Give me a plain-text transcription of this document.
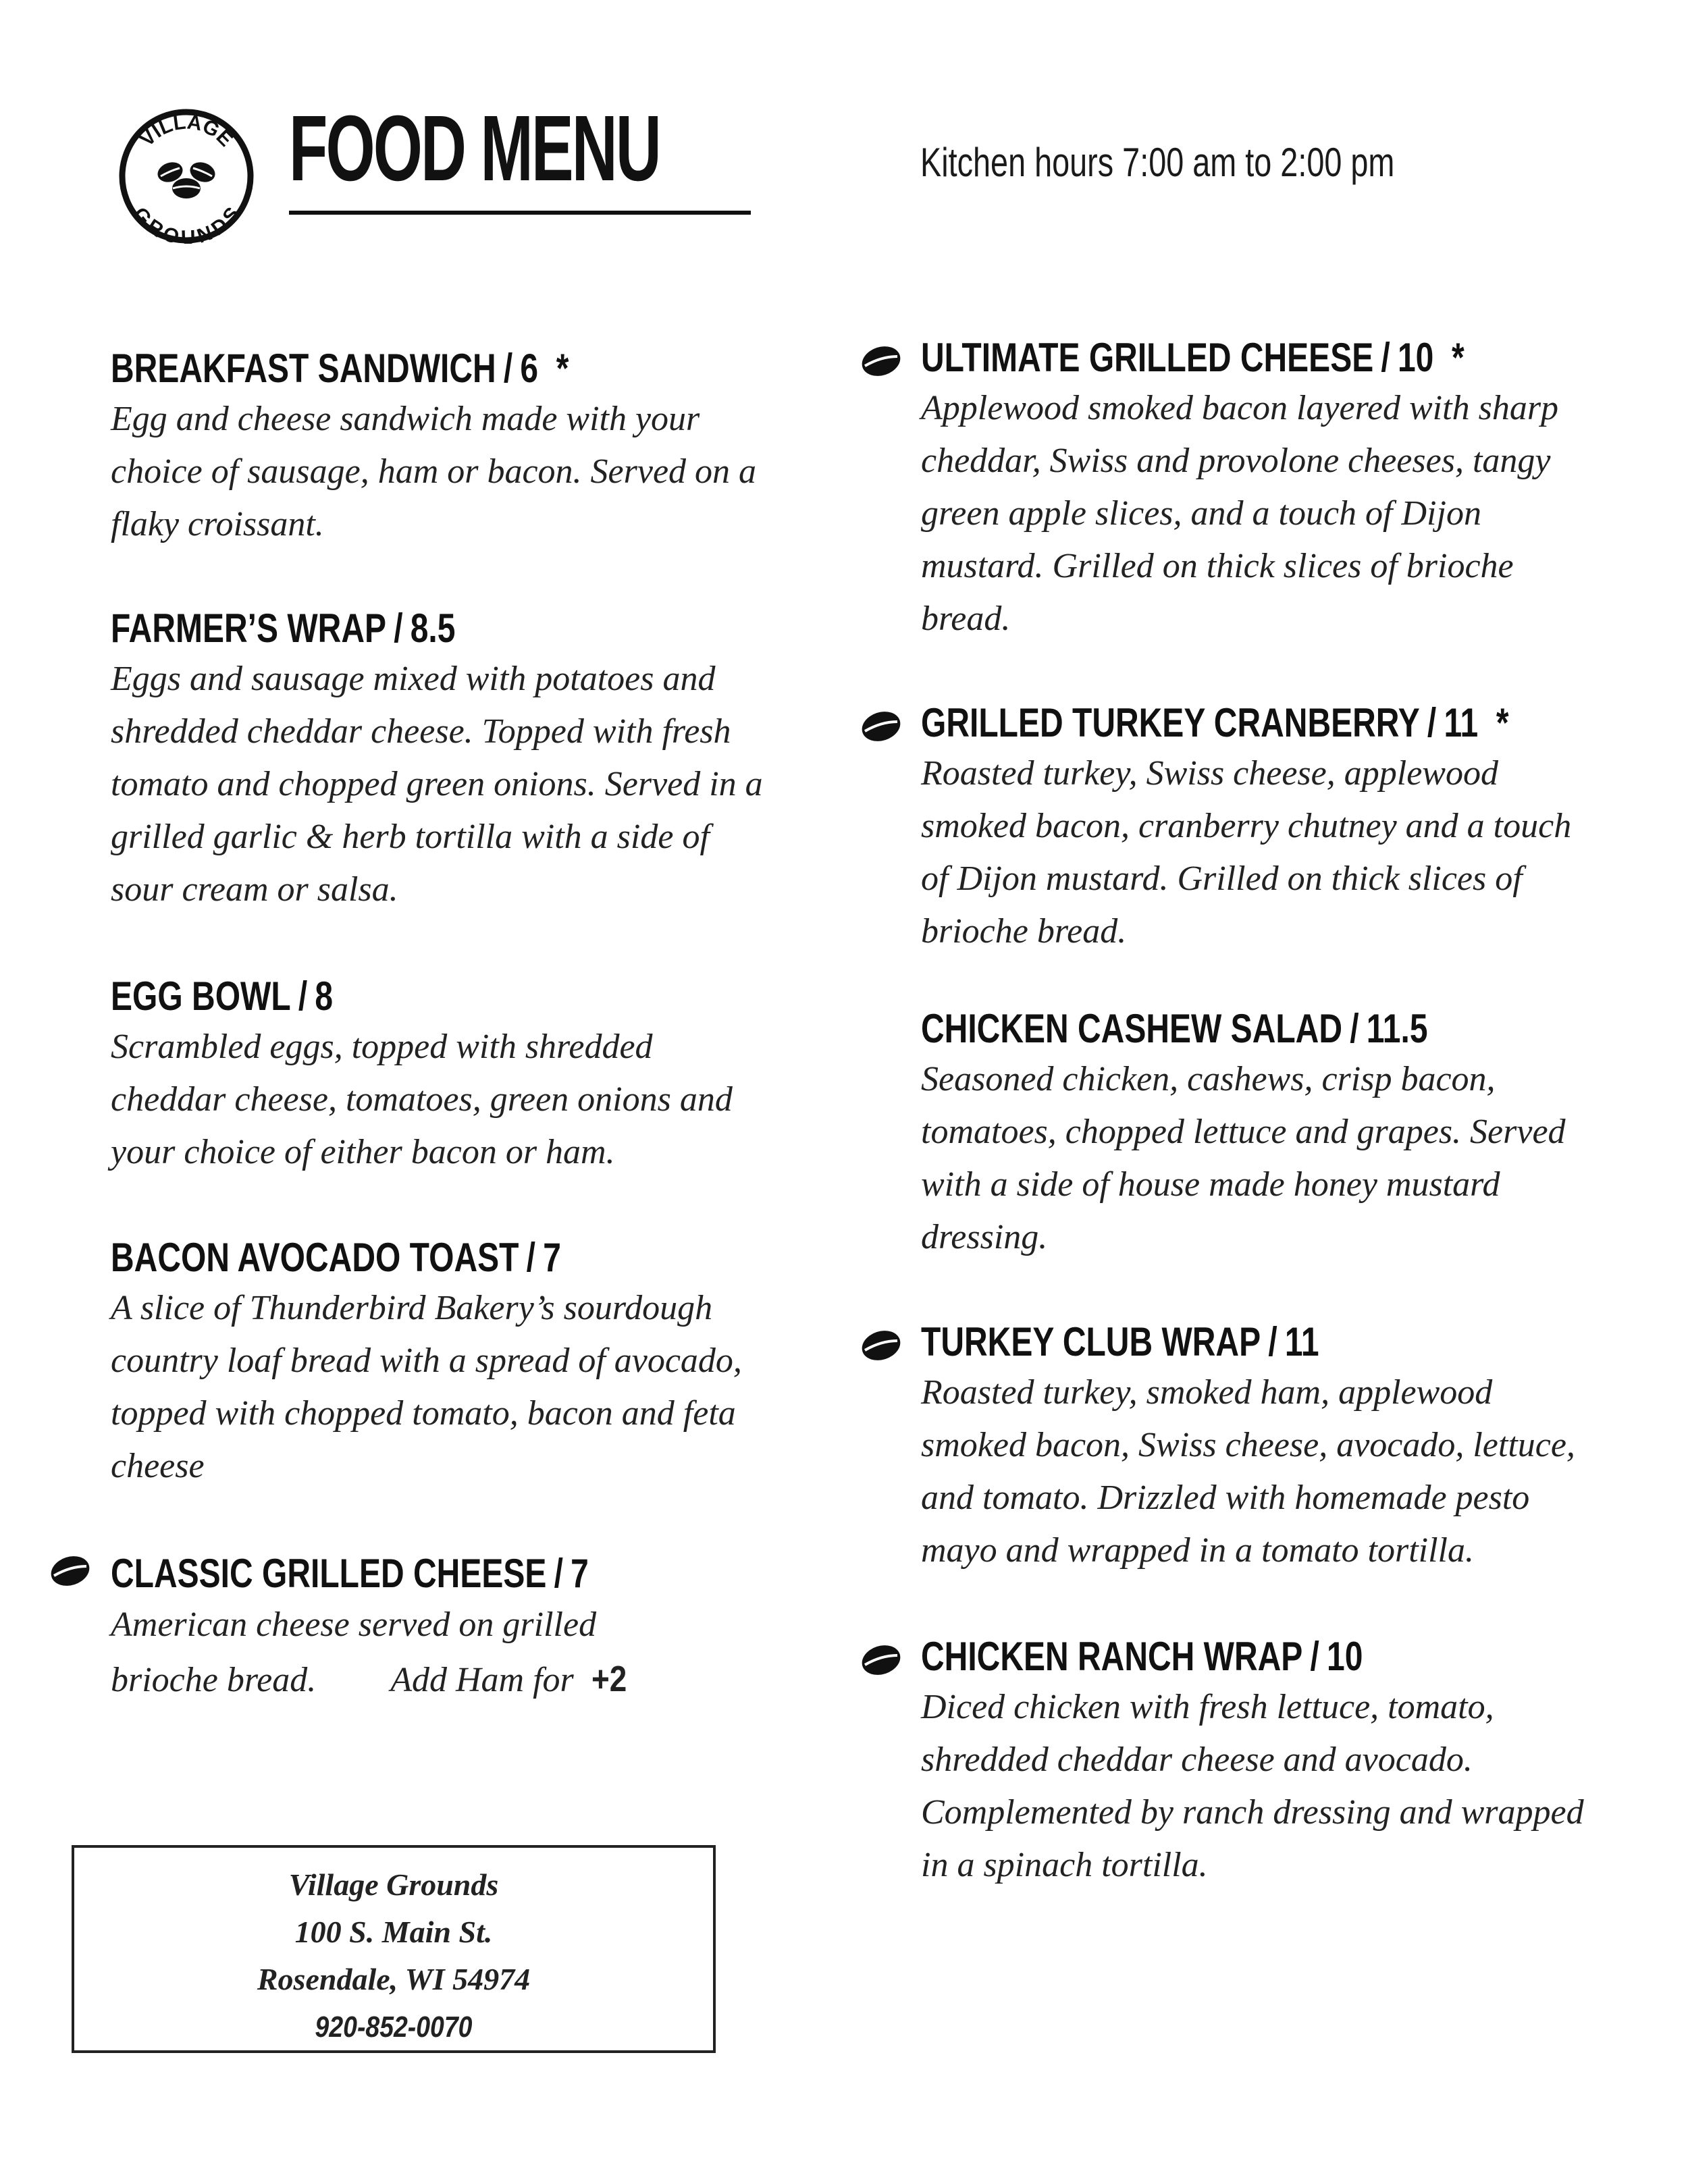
VILLAGE
GROUNDS
FOOD MENU	Kitchen hours 7:00 am to 2:00 pm
BREAKFAST SANDWICH / 6 *

Egg and cheese sandwich made with your
choice of sausage, ham or bacon. Served on a
flaky croissant.

FARMER’S WRAP / 8.5

Eggs and sausage mixed with potatoes and
shredded cheddar cheese. Topped with fresh
tomato and chopped green onions. Served in a
grilled garlic & herb tortilla with a side of
sour cream or salsa.

EGG BOWL / 8

Scrambled eggs, topped with shredded
cheddar cheese, tomatoes, green onions and
your choice of either bacon or ham.

BACON AVOCADO TOAST / 7

A slice of Thunderbird Bakery’s sourdough
country loaf bread with a spread of avocado,
topped with chopped tomato, bacon and feta
cheese

CLASSIC GRILLED CHEESE / 7

American cheese served on grilled
brioche bread. Add Ham for +2

ULTIMATE GRILLED CHEESE / 10 *

Applewood smoked bacon layered with sharp
cheddar, Swiss and provolone cheeses, tangy
green apple slices, and a touch of Dijon
mustard. Grilled on thick slices of brioche
bread.

GRILLED TURKEY CRANBERRY / 11 *

Roasted turkey, Swiss cheese, applewood
smoked bacon, cranberry chutney and a touch
of Dijon mustard. Grilled on thick slices of
brioche bread.

CHICKEN CASHEW SALAD / 11.5

Seasoned chicken, cashews, crisp bacon,
tomatoes, chopped lettuce and grapes. Served
with a side of house made honey mustard
dressing.

TURKEY CLUB WRAP / 11

Roasted turkey, smoked ham, applewood
smoked bacon, Swiss cheese, avocado, lettuce,
and tomato. Drizzled with homemade pesto
mayo and wrapped in a tomato tortilla.

CHICKEN RANCH WRAP / 10

Diced chicken with fresh lettuce, tomato,
shredded cheddar cheese and avocado.
Complemented by ranch dressing and wrapped
in a spinach tortilla.

Village Grounds
100 S. Main St.
Rosendale, WI 54974
920-852-0070
